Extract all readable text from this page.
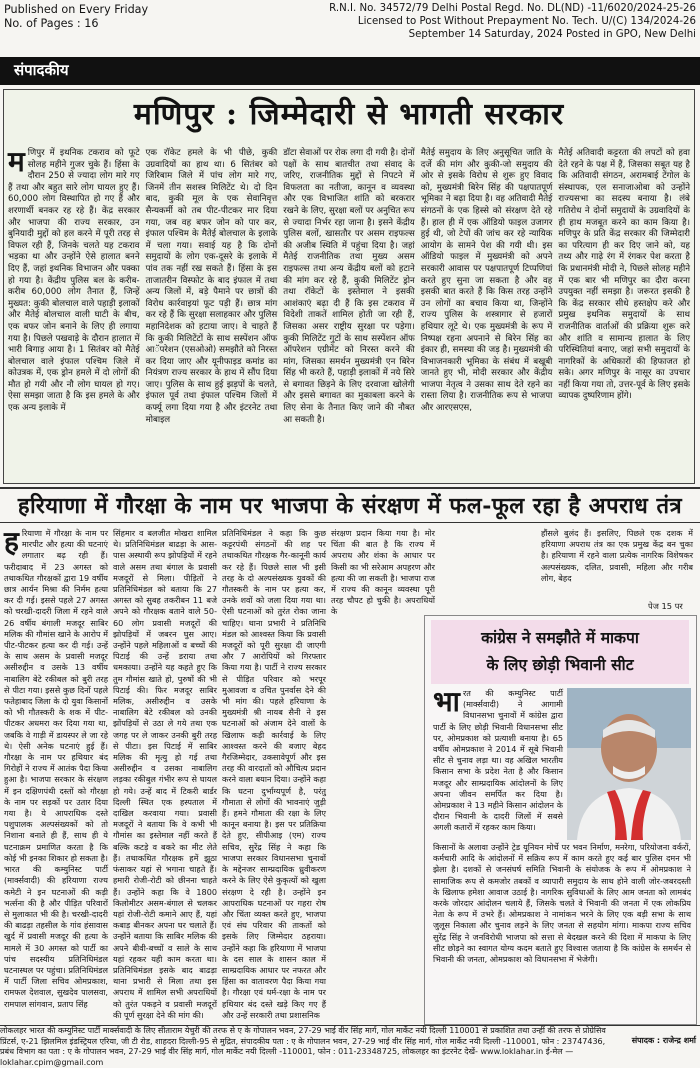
Published on Every Friday
No. of Pages : 16
R.N.I. No. 34572/79 Delhi Postal Regd. No. DL(ND) -11/6020/2024-25-26
Licensed to Post Without Prepayment No. Tech. U/(C) 134/2024-26
September 14 Saturday, 2024 Posted in GPO, New Delhi
संपादकीय
मणिपुर : जिम्मेदारी से भागती सरकार
म णिपुर में इथनिक टकराव को फूटे सोलह महीने गुजर चुके हैं। हिंसा के दौरान 250 से ज्यादा लोग मारे गए हैं तथा और बहुत सारे लोग घायल हुए हैं। 60,000 लोग विस्थापित हो गए हैं और शरणार्थी बनकर रह रहे हैं। केंद्र सरकार और भाजपा की राज्य सरकार, उन बुनियादी मुद्दों को हल करने में पूरी तरह से विफल रही हैं, जिनके चलते यह टकराव भड़का था और उन्होंने ऐसे हालात बनने दिए हैं, जहां इथनिक विभाजन और पक्का हो गया है। केंद्रीय पुलिस बल के करीब-करीब 60,000 लोग तैनात हैं, जिन्हें मुख्यत: कुकी बोलचाल वाले पहाड़ी इलाकों और मैतेई बोलचाल वाली घाटी के बीच, एक बफर जोन बनाने के लिए ही लगाया गया है। पिछले पखवाड़े के दौरान हालात में भारी बिगाड़ आया है। 1 सितंबर को मैतेई बोलचाल वाले इंफाल पश्चिम जिले में कोउत्रक में, एक ड्रोन हमले में दो लोगों की मौत हो गयी और नौ लोग घायल हो गए। ऐसा समझा जाता है कि इस हमले के और एक अन्य इलाके में

एक रॉकेट हमले के भी पीछे, कुकी उग्रवादियों का हाथ था। 6 सितंबर को जिरिबाम जिले में पांच लोग मारे गए, जिनमें तीन सशस्त्र मिलिटेंट थे। दो दिन बाद, कुकी मूल के एक सेवानिवृत्त सैन्यकर्मी को तब पीट-पीटकर मार दिया गया, जब वह बफर जोन को पार कर, इंफाल पश्चिम के मैतेई बोलचाल के इलाके में चला गया। सवाई यह है कि दोनों समुदायों के लोग एक-दूसरे के इलाके में पांव तक नहीं रख सकते हैं। हिंसा के इस ताजातरीन विस्फोट के बाद इंफाल में तथा अन्य जिलों में, बड़े पैमाने पर छात्रों की विरोध कार्रवाइयां फूट पड़ी हैं। छात्र मांग कर रहे हैं कि सुरक्षा सलाहकार और पुलिस महानिदेशक को हटाया जाए। वे चाहते हैं कि कुकी मिलिटेंटों के साथ सस्पेंशन ऑफ आॅपरेशन (एसओओ) समझौते को निरस्त कर दिया जाए और यूनीफाइड कमांड का नियंत्रण राज्य सरकार के हाथ में सौंप दिया जाए। पुलिस के साथ हुई झड़पों के चलते, इंफाल पूर्व तथा इंफाल पश्चिम जिलों में कर्फ्यू लगा दिया गया है और इंटरनेट तथा मोबाइल

डॉटा सेवाओं पर रोक लगा दी गयी है। दोनों पक्षों के साथ बातचीत तथा संवाद के जरिए, राजनीतिक मुद्दों से निपटने में विफलता का नतीजा, कानून व व्यवस्था और एक विभाजित शांति को बरकरार रखने के लिए, सुरक्षा बलों पर अनुचित रूप से ज्यादा निर्भर रहा जाना है। इसने केंद्रीय पुलिस बलों, खासतौर पर असम राइफल्स की अजीब स्थिति में पहुंचा दिया है। जहां मैतेई राजनीतिक तथा मुख्य असम राइफल्स तथा अन्य केंद्रीय बलों को हटाने की मांग कर रहे हैं, कुकी मिलिटेंट ड्रोन तथा रॉकेटों के इस्तेमाल ने इसकी आशंकाएं बढ़ा दी हैं कि इस टकराव में विदेशी ताकतें शामिल होती जा रही हैं, जिसका असर राष्ट्रीय सुरक्षा पर पड़ेगा। कुकी मिलिटेंट गुटों के साथ सस्पेंशन ऑफ ऑपरेशन एग्रीमेंट को निरस्त करने की मांग, जिसका समर्थन मुख्यमंत्री एन बिरेन सिंह भी करते हैं, पहाड़ी इलाकों में नये सिरे से बगावत छिड़ने के लिए दरवाजा खोलेगी और इससे बगावत का मुकाबला करने के लिए सेना के तैनात किए जाने की नौबत आ सकती है।

मैतेई समुदाय के लिए अनुसूचित जाति के दर्जे की मांग और कुकी-जो समुदाय की ओर से इसके विरोध से शुरू हुए विवाद को, मुख्यमंत्री बिरेन सिंह की पक्षपातपूर्ण भूमिका ने बढ़ा दिया है। वह अतिवादी मैतेई संगठनों के एक हिस्से को संरक्षण देते रहे हैं। हाल ही में एक ऑडियो फाइल उजागर हुई थी, जो टेपों की जांच कर रहे न्यायिक आयोग के सामने पेश की गयी थी। इस ऑडियो फाइल में मुख्यमंत्री को अपने सरकारी आवास पर पक्षपातपूर्ण टिप्पणियां करते हुए सुना जा सकता है और वह इसकी बात करते हैं कि किस तरह उन्होंने उन लोगों का बचाव किया था, जिन्होंने राज्य पुलिस के शस्त्रागार से हजारों हथियार लूटे थे। एक मुख्यमंत्री के रूप में निष्पक्ष रहना अपनाने से बिरेन सिंह का इंकार ही, समस्या की जड़ है। मुख्यमंत्री की विभाजनकारी भूमिका के संबंध में बखूबी जानते हुए भी, मोदी सरकार और केंद्रीय भाजपा नेतृत्व ने उसका साथ देते रहने का रास्ता लिया है। राजनीतिक रूप से भाजपा और आरएसएस,

मैतेई अतिवादी कट्टरता की लपटों को हवा देते रहने के पक्ष में हैं, जिसका सबूत यह है कि अतिवादी संगठन, अरामबाई टेंगोल के संस्थापक, एल सनाजाओबा को उन्होंने राज्यसभा का सदस्य बनाया है। लंबे गतिरोध ने दोनों समुदायों के उग्रवादियों के ही हाथ मजबूत करने का काम किया है। मणिपुर के प्रति केंद्र सरकार की जिम्मेदारी का परित्याग ही कर दिए जाने को, यह तथ्य और गाढ़े रंग में रंगकर पेश करता है कि प्रधानमंत्री मोदी ने, पिछले सोलह महीने में एक बार भी मणिपुर का दौरा करना उपयुक्त नहीं समझा है। जरूरत इसकी है कि केंद्र सरकार सीधे हस्तक्षेप करे और प्रमुख इथनिक समुदायों के साथ राजनीतिक वार्ताओं की प्रक्रिया शुरू करे और शांति व सामान्य हालात के लिए परिस्थितियां बनाए, जहां सभी समुदायों के नागरिकों के अधिकारों की हिफाजत हो सके। अगर मणिपुर के नासूर का उपचार नहीं किया गया तो, उत्तर-पूर्व के लिए इसके व्यापक दुष्परिणाम होंगे।

हरियाणा में गौरक्षा के नाम पर भाजपा के संरक्षण में फल-फूल रहा है अपराध तंत्र
ह रियाणा में गौरक्षा के नाम पर मारपीट और हत्या की घटनाएं लगातार बढ़ रही हैं। फरीदाबाद में 23 अगस्त को तथाकथित गौरक्षकों द्वारा 19 वर्षीय छात्र आर्यन मिश्रा की निर्मम हत्या कर दी गई। इससे पहले 27 अगस्त को चरखी-दादरी जिला में रहने वाले 26 वर्षीय बंगाली मजदूर साबिर मलिक की गौमांस खाने के आरोप में पीट-पीटकर हत्या कर दी गई। उन्हें के साथ असम के प्रवासी मजदूर असीरुद्दीन व उसके 13 वर्षीय नाबालिग बेटे रकीबल को बुरी तरह से पीटा गया। इससे कुछ दिनों पहले फतेहाबाद जिला के दो युवा किसानों को भी गौतस्करी के शक में पीट-पीटकर अधमरा कर दिया गया था, जबकि वे गाड़ी में डायस्पर ले जा रहे थे। ऐसी अनेक घटनाएं हुई हैं। गौरक्षा के नाम पर हथियार बंद गिरोहों ने राज्य में आतंक पैदा किया हुआ है। भाजपा सरकार के संरक्षण में इन दक्षिणपंथी दस्तों को गौरक्षा के नाम पर सड़कों पर उतार दिया गया है। ये आपराधिक दस्ते पशुपालक अल्पसंख्यकों को तो निशाना बनाते ही हैं, साथ ही ये घटनाक्रम प्रमाणित करता है कि कोई भी इनका शिकार हो सकता है। भारत की कम्युनिस्ट पार्टी (मार्क्सवादी) की हरियाणा राज्य कमेटी ने इन घटनाओं की कड़ी भर्त्सना की है और पीड़ित परिवारों से मुलाकात भी की है। चरखी-दादरी की बाढड़ा तहसील के गांव हंसावास खुर्द में प्रवासी मजदूर की हत्या के मामले में 30 अगस्त को पार्टी का पांच सदस्यीय प्रतिनिधिमंडल घटनास्थल पर पहुंचा। प्रतिनिधिमंडल में पार्टी जिला सचिव ओमप्रकाश, रामफल देशवाल, सुखदेव पालसवा, रामपाल सांगवान, प्रताप सिंह

सिंहमार व बलजीत मोखरा शामिल थे। प्रतिनिधिमंडल बाढड़ा के आस-पास अस्थायी रूप झोपड़ियों में रहने वाले असम तथा बंगाल के प्रवासी मजदूरों से मिला। पीड़ितों ने प्रतिनिधिमंडल को बताया कि 27 अगस्त को सुबह तकरीबन 11 बजे अपने को गौरक्षक बताने वाले 50-60 लोग प्रवासी मजदूरों की झोपड़ियों में जबरन घुस आए। उन्होंने पहले महिलाओं व बच्चों की पिटाई की उन्हें डराया तथा धमकाया। उन्होंने यह कहते हुए कि तुम गौमांस खाते हो, पुरुषों की भी पिटाई की। फिर मजदूर साबिर मलिक, असीरुद्दीन व उसके नाबालिग बेटे रकीबल को उनकी झोंपड़ियों से उठा ले गये तथा एक जगह पर ले जाकर उनकी बुरी तरह से पीटा। इस पिटाई में साबिर मलिक की मृत्यु हो गई तथा असीरुद्दीन व उसका नाबालिग लड़का रकीबुल गंभीर रूप से घायल हो गये। उन्हें बाद में टिकरी बार्डर दिल्ली स्थित एक हस्पताल में दाखिल करवाया गया। प्रवासी मजदूरों ने बताया कि वे कभी भी गौमांस का इस्तेमाल नहीं करते हैं बल्कि कटड़े व बकरे का मीट लेते हैं। तथाकथित गौरक्षक हमें झूठा फंसाकर यहां से भगाना चाहते हैं। हमारी रोजी-रोटी को छीनना चाहते हैं। उन्होंने कहा कि वे 1800 किलोमीटर असम-बंगाल से चलकर यहां रोजी-रोटी कमाने आए हैं, यहां कबाड़ बीनकर अपना घर चलाते हैं। उन्होंने बताया कि साबिर मलिक की अपने बीवी-बच्चों व साले के साथ यहां रहकर यही काम करता था। प्रतिनिधिमंडल इसके बाद बाढड़ा थाना प्रभारी से मिला तथा इस अपराध में शामिल सभी अपराधियों को तुरंत पकड़ने व प्रवासी मजदूरों की पूर्ण सुरक्षा देने की मांग की।

प्रतिनिधिमंडल ने कहा कि कुछ कट्टरपंथी संगठनों की शह पर तथाकथित गौरक्षक गैर-कानूनी कार्य कर रहे हैं। पिछले साल भी इसी तरह के दो अल्पसंख्यक युवकों की गौतस्करी के नाम पर हत्या कर, उनके शवों को जला दिया गया था। ऐसी घटनाओं को तुरंत रोका जाना चाहिए। थाना प्रभारी ने प्रतिनिधि मंडल को आश्वस्त किया कि प्रवासी मजदूरों को पूरी सुरक्षा दी जाएगी और 7 आरोपियों को गिरफ्तार किया गया है। पार्टी ने राज्य सरकार से पीड़ित परिवार को भरपूर मुआवजा व उचित पुनर्वास देने की भी मांग की। पहले हरियाणा के मुख्यमंत्री श्री नायब सैनी ने इस घटनाओं को अंजाम देने वालों के खिलाफ कड़ी कार्रवाई के लिए आश्वस्त करने की बजाए बेहद गैरजिम्मेदार, उकसावेपूर्ण और इस तरह की वारदातों को औचित्य प्रदान करने वाला बयान दिया। उन्होंने कहा कि घटना दुर्भाग्यपूर्ण है, परंतु गौमाता से लोगों की भावनाएं जुड़ी हैं। हमने गौमाता की रक्षा के लिए कानून बनाया है। इस पर प्रतिक्रिया देते हुए, सीपीआइ (एम) राज्य सचिव, सुरेंद्र सिंह ने कहा कि भाजपा सरकार विधानसभा चुनावों के मद्देनजर साम्प्रदायिक ध्रुवीकरण करने के लिए ऐसे कुकृत्यों को खुला संरक्षण दे रही है। उन्होंने इन आपराधिक घटनाओं पर गहरा रोष और चिंता व्यक्त करते हुए, भाजपा एवं संघ परिवार की ताकतों को इसके लिए जिम्मेदार ठहराया। उन्होंने कहा कि हरियाणा में भाजपा के दस साल के शासन काल में साम्प्रदायिक आधार पर नफरत और हिंसा का वातावरण पैदा किया गया है। गौरक्षा एवं धर्म-रक्षा के नाम पर हथियार बंद दस्ते खड़े किए गए हैं और उन्हें सरकारी तथा प्रशासनिक

संरक्षण प्रदान किया गया है। मोर चिंता की बात है कि राज्य में अपराध और शंका के आधार पर किसी का भी सरेआम अपहरण और हत्या की जा सकती है। भाजपा राज में राज्य की कानून व्यवस्था पूरी तरह चौपट हो चुकी है। अपराधियों के

हौंसले बुलंद हैं। इसलिए, पिछले एक दशक में हरियाणा अपराध तंत्र का एक प्रमुख केंद्र बन चुका है। हरियाणा में रहने वाला प्रत्येक नागरिक विशेषकर अल्पसंख्यक, दलित, प्रवासी, महिला और गरीब लोग, बेहद

पेज 15 पर
कांग्रेस ने समझौते में माकपा
के लिए छोड़ी भिवानी सीट
भा रत की कम्युनिस्ट पार्टी (मार्क्सवादी) ने आगामी विधानसभा चुनावों में कांग्रेस द्वारा पार्टी के लिए छोड़ी भिवानी विधानसभा सीट पर, ओमप्रकाश को प्रत्याशी बनाया है। 65 वर्षीय ओमप्रकाश ने 2014 में सूबे भिवानी सीट से चुनाव लड़ा था। वह अखिल भारतीय किसान सभा के प्रदेश नेता है और किसान मजदूर और साम्प्रदायिक आंदोलनों के लिए अपना जीवन समर्पित कर दिया है। ओमप्रकाश ने 13 महीने किसान आंदोलन के दौरान भिवानी के दादरी जिलों में सबसे अगली कतारों में रहकर काम किया।

किसानों के अलावा उन्होंने ट्रेड यूनियन मोर्चे पर भवन निर्माण, मनरेगा, परियोजना वर्करों, कर्मचारी आदि के आंदोलनों में सक्रिय रूप में काम करते हुए कई बार पुलिस दमन भी झेला है। दशकों से जनसंघर्ष समिति भिवानी के संयोजक के रूप में ओमप्रकाश ने सामाजिक रूप से कमजोर तबकों व व्यापारी समुदाय के साथ होने वाली जोर-जबरदस्ती के खिलाफ हमेशा आवाज उठाई है। नागरिक सुविधाओं के लिए आम जनता को लामबंद करके जोरदार आंदोलन चलाये हैं, जिसके चलते वे भिवानी की जनता में एक लोकप्रिय नेता के रूप में उभरे हैं। ओमप्रकाश ने नामांकन भरने के लिए एक बड़ी सभा के साथ जुलूस निकाला और चुनाव लड़ने के लिए जनता से सहयोग मांगा। माकपा राज्य सचिव सुरेंद्र सिंह ने जनविरोधी भाजपा को सत्ता से बेदखल करने की दिशा में माकपा के लिए सीट छोड़ने का स्वागत योग्य कदम बताते हुए विश्वास जताया है कि कांग्रेस के समर्थन से भिवानी की जनता, ओमप्रकाश को विधानसभा में भेजेगी।

लोकलहर भारत की कम्युनिस्ट पार्टी मार्क्सवादी के लिए सीताराम येचुरी की तरफ से ए के गोपालन भवन, 27-29 भाई वीर सिंह मार्ग, गोल मार्केट नयी दिल्ली 110001 से प्रकाशित तथा उन्हीं की तरफ से प्रोग्रेसिव प्रिंटर्स, ए-21 झिलमिल इंडस्ट्रियल एरिया, जी टी रोड, शाहदरा दिल्ली-95 से मुद्रित, संपादकीय पता : ए के गोपालन भवन, 27-29 भाई वीर सिंह मार्ग, गोल मार्केट नयी दिल्ली -110001, फोन : 23747436, प्रबंध विभाग का पता : ए के गोपालन भवन, 27-29 भाई वीर सिंह मार्ग, गोल मार्केट नयी दिल्ली -110001, फोन : 011-23348725, लोकलहर का इंटरनेट देखें- www.loklahar.in ई-मेल —loklahar.cpim@gmail.com
संपादक : राजेन्द्र शर्मा
